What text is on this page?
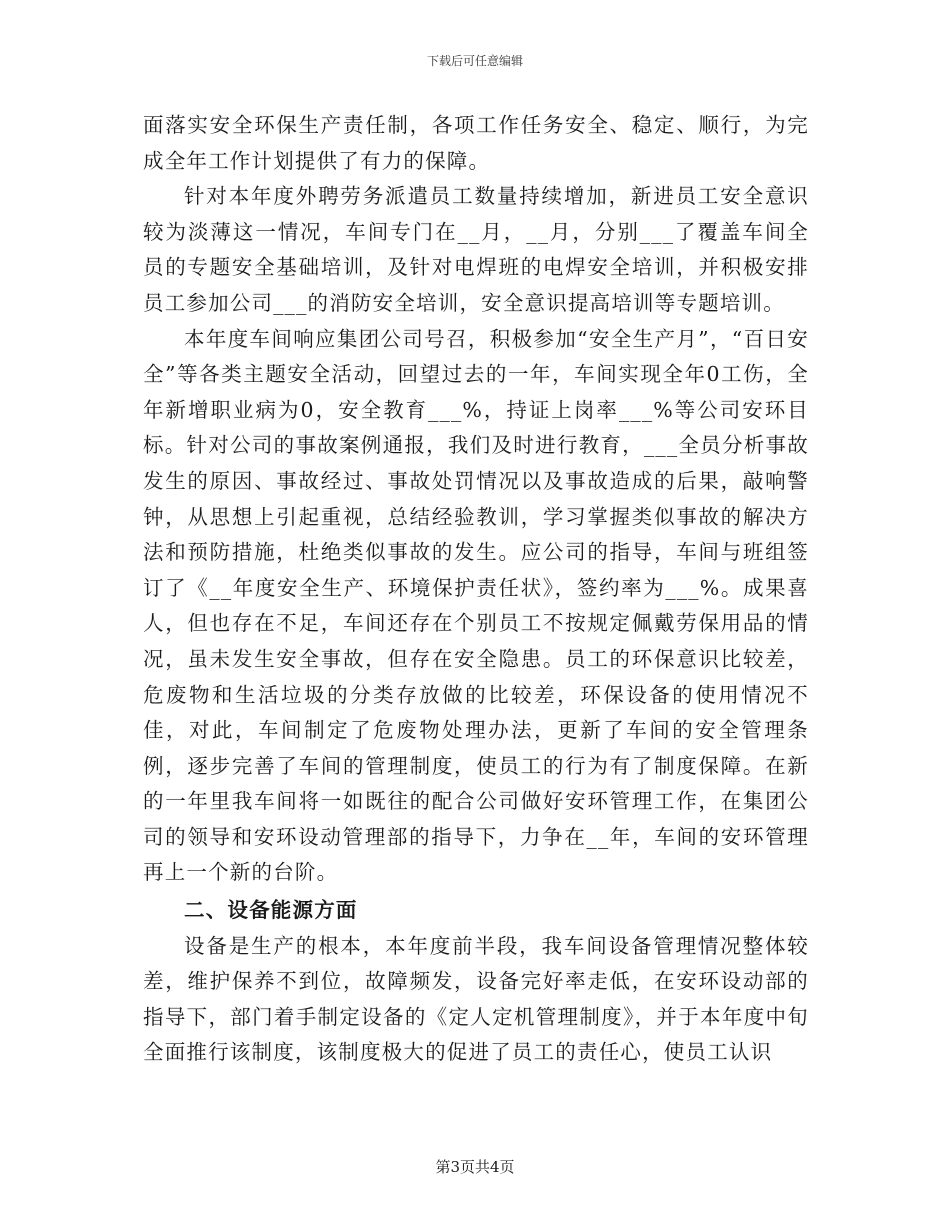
下载后可任意编辑

面落实安全环保生产责任制，各项工作任务安全、稳定、顺行，为完成全年工作计划提供了有力的保障。

针对本年度外聘劳务派遣员工数量持续增加，新进员工安全意识较为淡薄这一情况，车间专门在__月，__月，分别___了覆盖车间全员的专题安全基础培训，及针对电焊班的电焊安全培训，并积极安排员工参加公司___的消防安全培训，安全意识提高培训等专题培训。

本年度车间响应集团公司号召，积极参加“安全生产月”，“百日安全”等各类主题安全活动，回望过去的一年，车间实现全年0工伤，全年新增职业病为0，安全教育___%，持证上岗率___%等公司安环目标。针对公司的事故案例通报，我们及时进行教育，___全员分析事故发生的原因、事故经过、事故处罚情况以及事故造成的后果，敲响警钟，从思想上引起重视，总结经验教训，学习掌握类似事故的解决方法和预防措施，杜绝类似事故的发生。应公司的指导，车间与班组签订了《__年度安全生产、环境保护责任状》，签约率为___%。成果喜人，但也存在不足，车间还存在个别员工不按规定佩戴劳保用品的情况，虽未发生安全事故，但存在安全隐患。员工的环保意识比较差，危废物和生活垃圾的分类存放做的比较差，环保设备的使用情况不佳，对此，车间制定了危废物处理办法，更新了车间的安全管理条例，逐步完善了车间的管理制度，使员工的行为有了制度保障。在新的一年里我车间将一如既往的配合公司做好安环管理工作，在集团公司的领导和安环设动管理部的指导下，力争在__年，车间的安环管理再上一个新的台阶。

二、设备能源方面

设备是生产的根本，本年度前半段，我车间设备管理情况整体较差，维护保养不到位，故障频发，设备完好率走低，在安环设动部的指导下，部门着手制定设备的《定人定机管理制度》，并于本年度中旬全面推行该制度，该制度极大的促进了员工的责任心，使员工认识

第3页共4页
